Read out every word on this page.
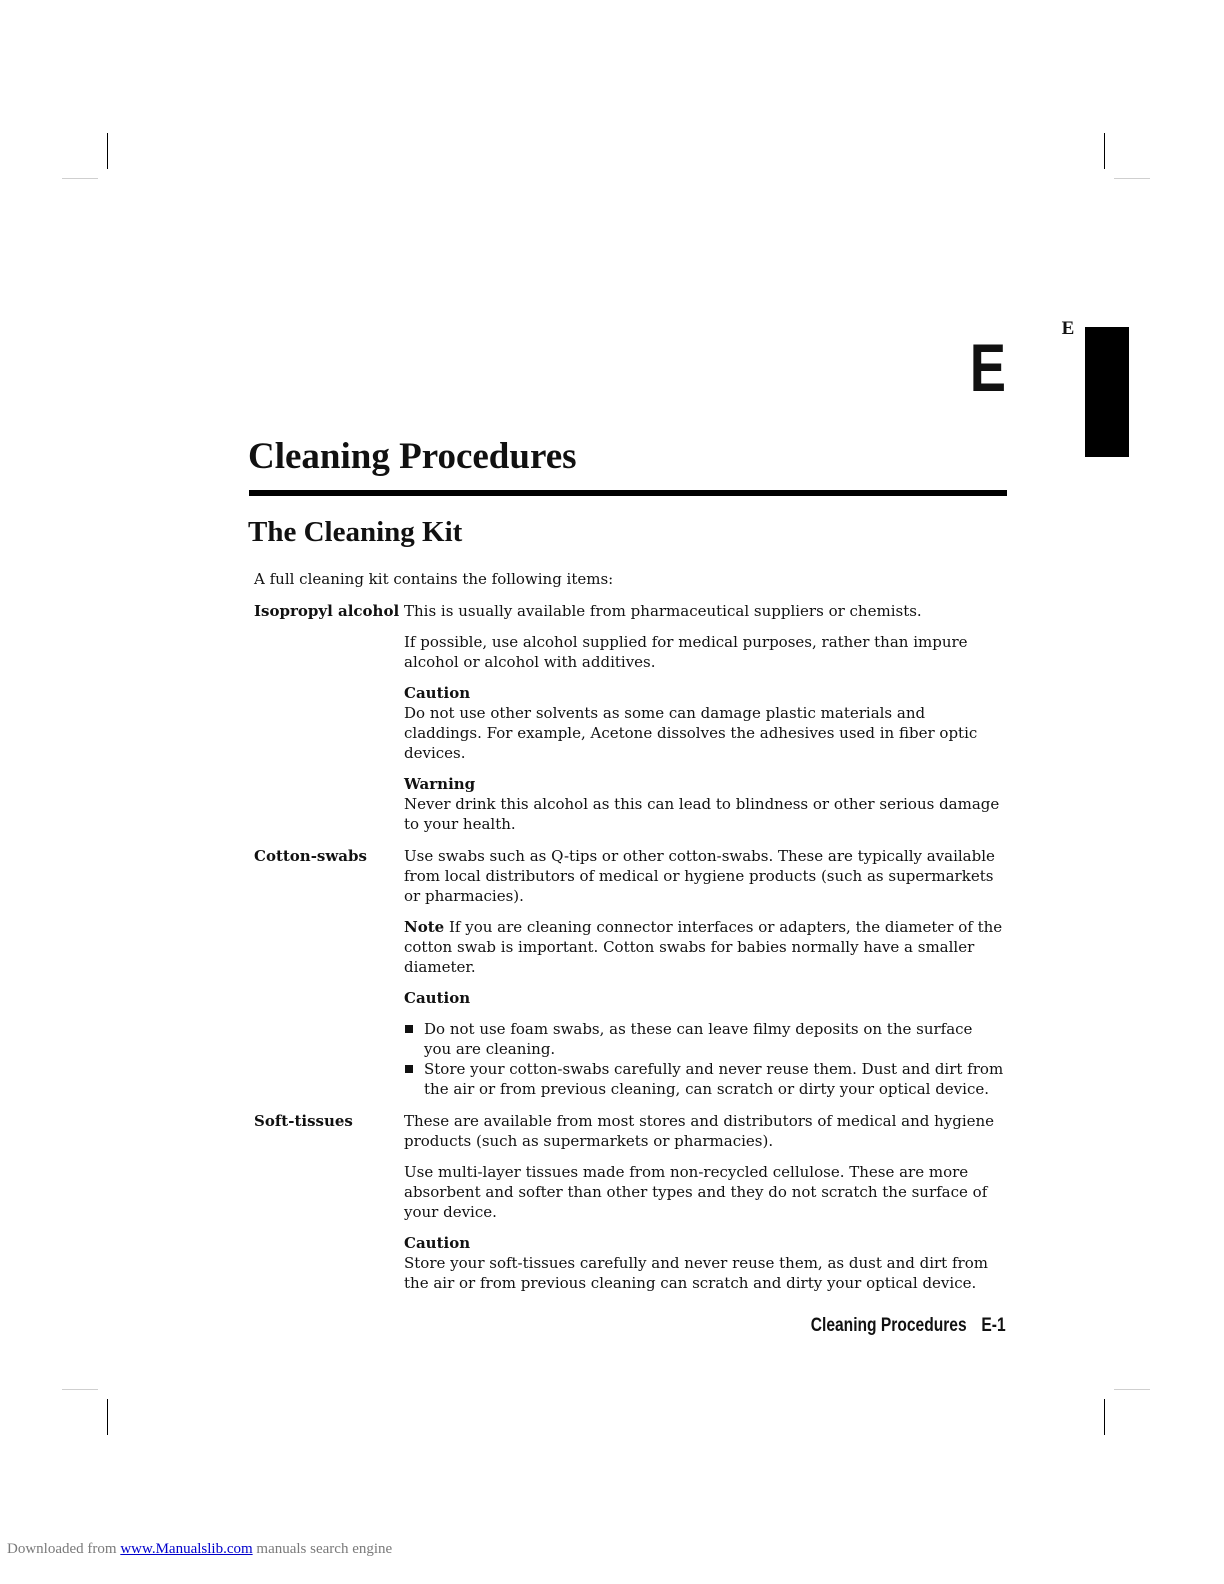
E
E
Cleaning Procedures
The Cleaning Kit

A full cleaning kit contains the following items:

Isopropyl alcohol This is usually available from pharmaceutical suppliers or chemists.

If possible, use alcohol supplied for medical purposes, rather than impure alcohol or alcohol with additives.

Caution
Do not use other solvents as some can damage plastic materials and claddings. For example, Acetone dissolves the adhesives used in fiber optic devices.

Warning
Never drink this alcohol as this can lead to blindness or other serious damage to your health.

Cotton-swabs	Use swabs such as Q-tips or other cotton-swabs. These are typically available from local distributors of medical or hygiene products (such as supermarkets or pharmacies).

Note If you are cleaning connector interfaces or adapters, the diameter of the cotton swab is important. Cotton swabs for babies normally have a smaller diameter.

Caution

Do not use foam swabs, as these can leave filmy deposits on the surface you are cleaning.
Store your cotton-swabs carefully and never reuse them. Dust and dirt from the air or from previous cleaning, can scratch or dirty your optical device.
Soft-tissues	These are available from most stores and distributors of medical and hygiene products (such as supermarkets or pharmacies).

Use multi-layer tissues made from non-recycled cellulose. These are more absorbent and softer than other types and they do not scratch the surface of your device.

Caution
Store your soft-tissues carefully and never reuse them, as dust and dirt from the air or from previous cleaning can scratch and dirty your optical device.

Cleaning Procedures E-1
Downloaded from www.Manualslib.com manuals search engine
